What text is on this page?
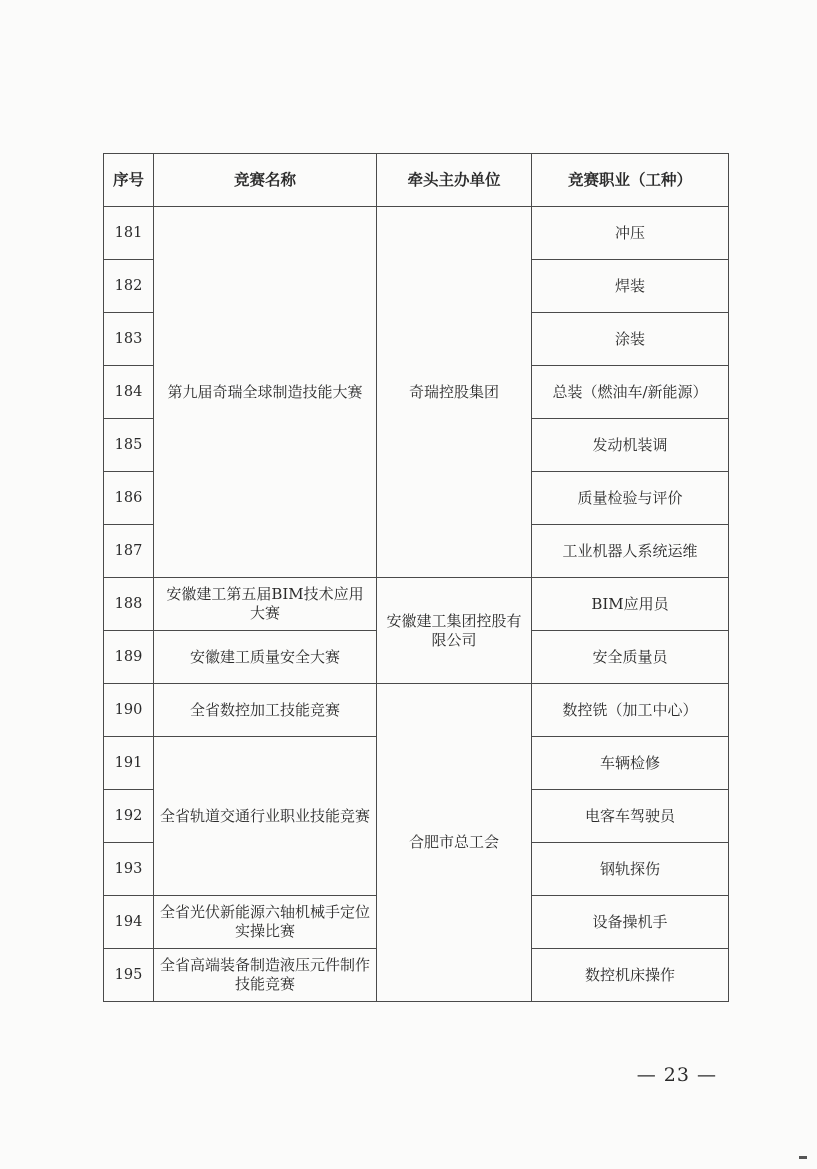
序号	竞赛名称	牵头主办单位	竞赛职业（工种）
181	第九届奇瑞全球制造技能大赛	奇瑞控股集团	冲压
182			焊装
183			涂装
184			总装（燃油车/新能源）
185			发动机装调
186			质量检验与评价
187			工业机器人系统运维
188	安徽建工第五届BIM技术应用大赛	安徽建工集团控股有限公司	BIM应用员
189	安徽建工质量安全大赛		安全质量员
190	全省数控加工技能竞赛	合肥市总工会	数控铣（加工中心）
191	全省轨道交通行业职业技能竞赛		车辆检修
192			电客车驾驶员
193			钢轨探伤
194	全省光伏新能源六轴机械手定位实操比赛		设备操机手
195	全省高端装备制造液压元件制作技能竞赛		数控机床操作
— 23 —
